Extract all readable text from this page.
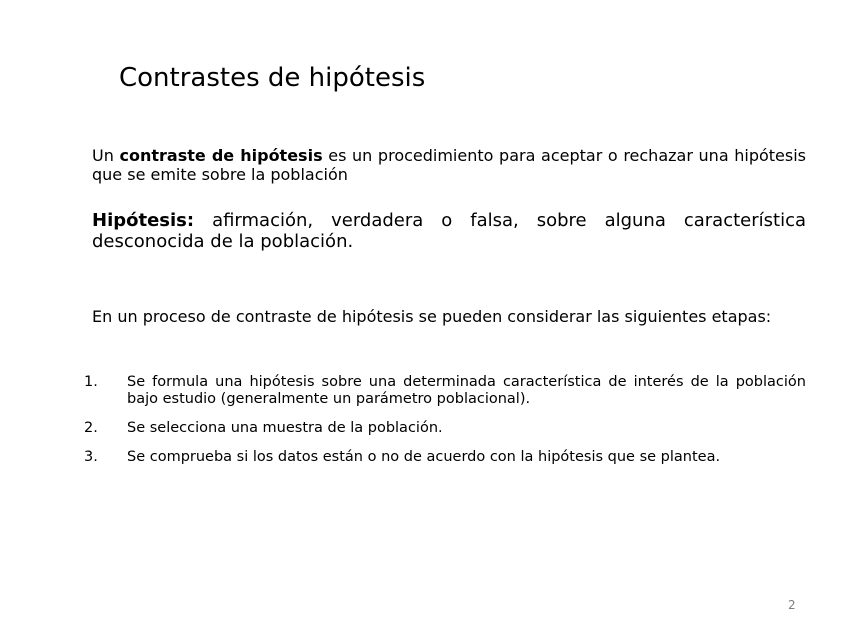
Contrastes de hipótesis

Un contraste de hipótesis es un procedimiento para aceptar o rechazar una hipótesis que se emite sobre la población

Hipótesis: afirmación, verdadera o falsa, sobre alguna característica desconocida de la población.

En un proceso de contraste de hipótesis se pueden considerar las siguientes etapas:

1.	Se formula una hipótesis sobre una determinada característica de interés de la población bajo estudio (generalmente un parámetro poblacional).
2.	Se selecciona una muestra de la población.
3.	Se comprueba si los datos están o no de acuerdo con la hipótesis que se plantea.
2
